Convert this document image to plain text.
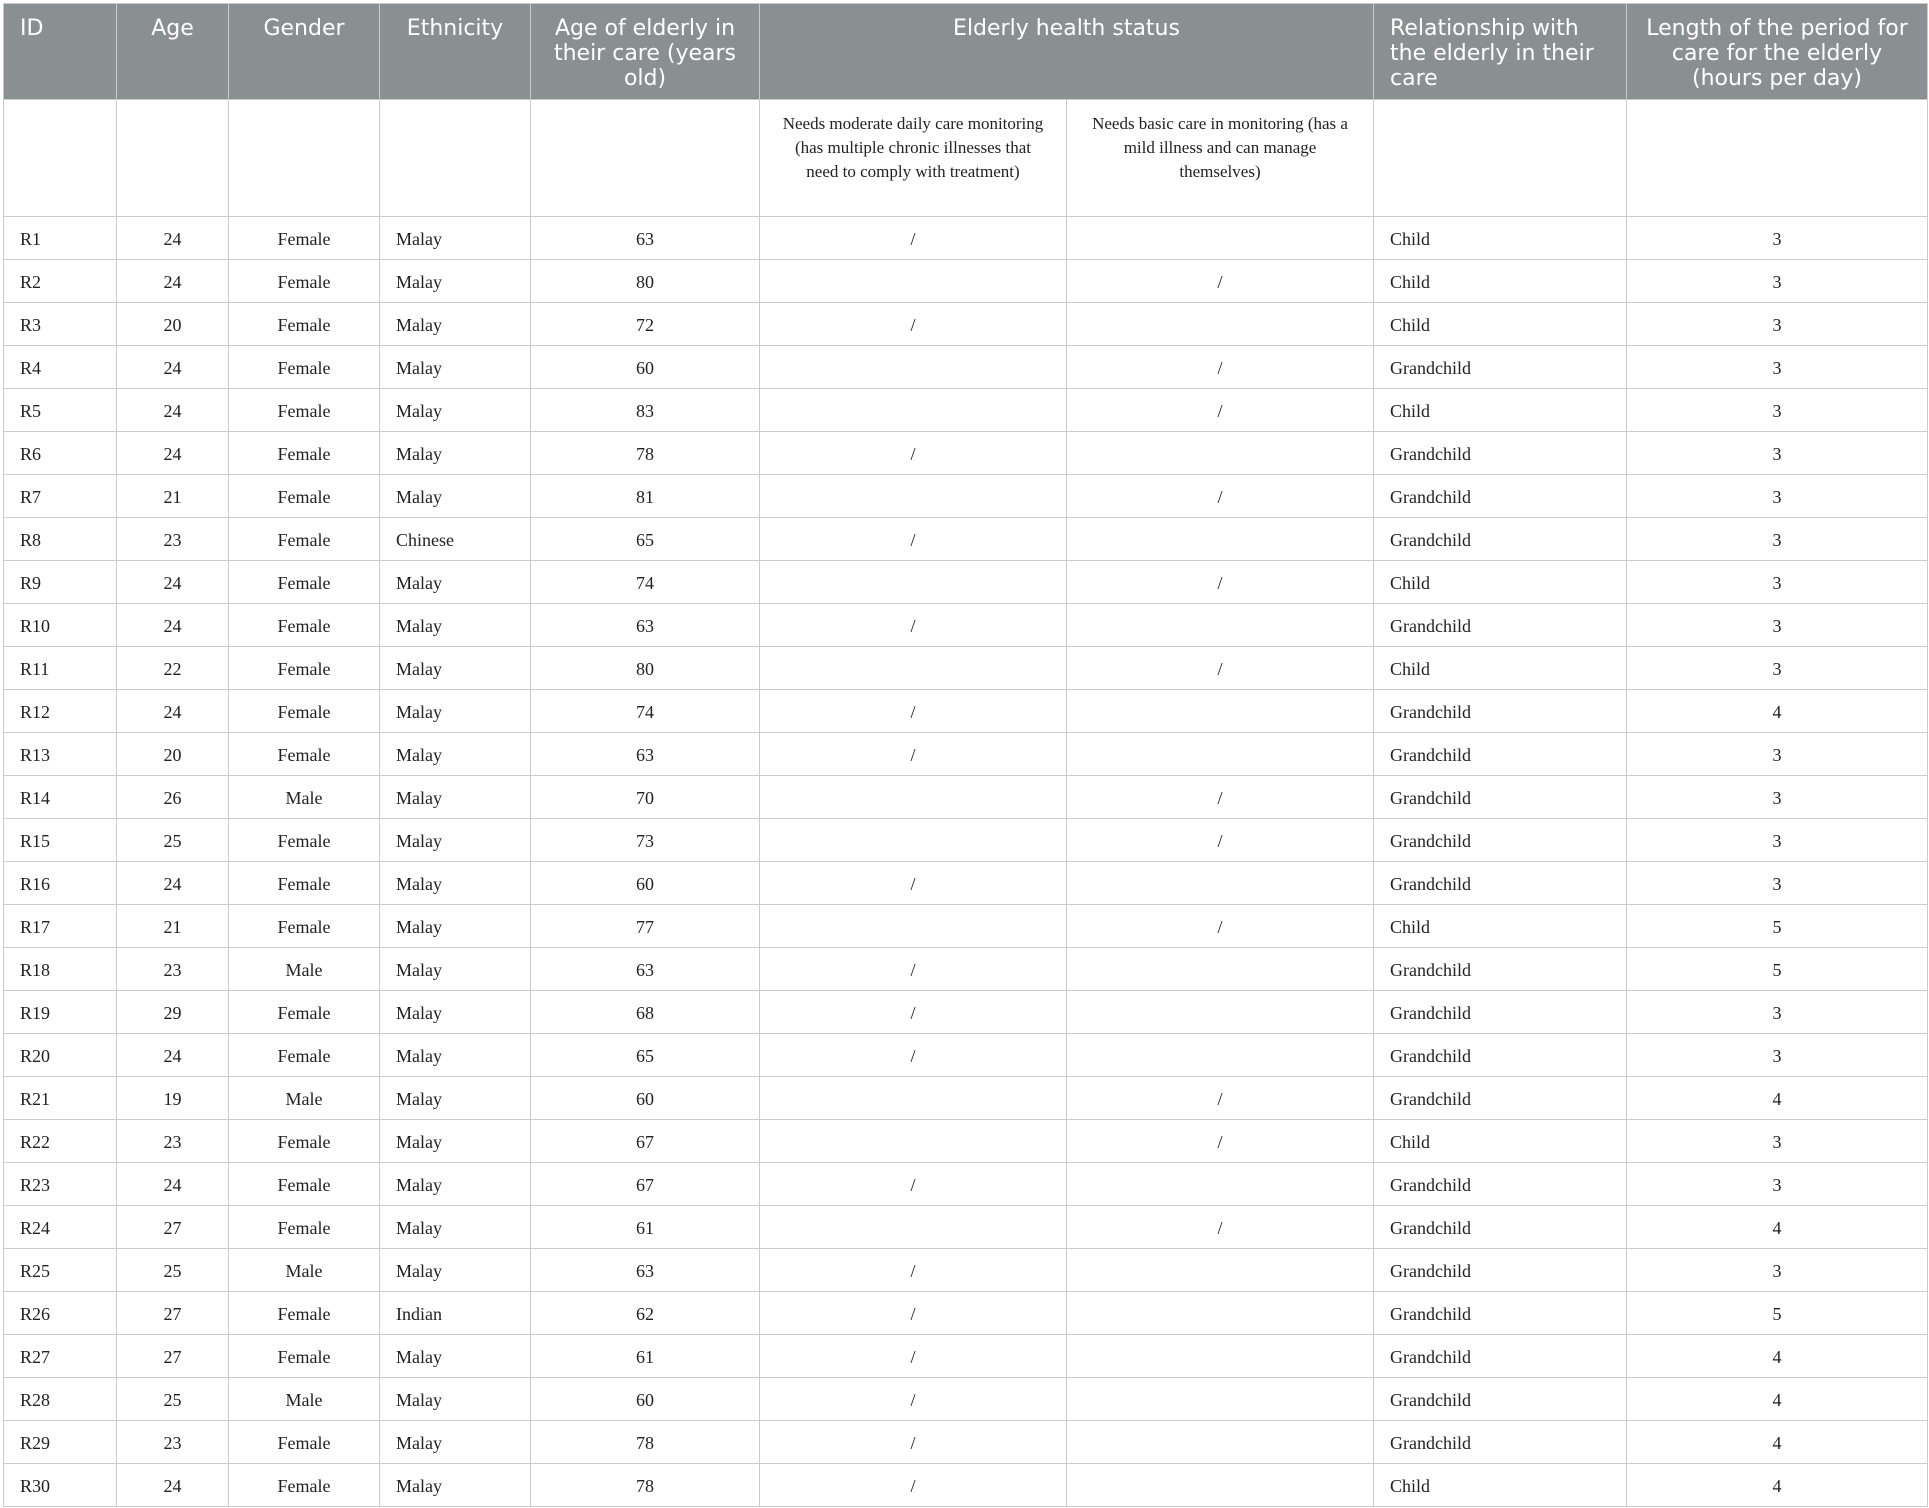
ID	Age	Gender	Ethnicity	Age of elderly in their care (years old)	Elderly health status		Relationship with the elderly in their care	Length of the period for care for the elderly (hours per day)
					Needs moderate daily care monitoring (has multiple chronic illnesses that need to comply with treatment)	Needs basic care in monitoring (has a mild illness and can manage themselves)		
R1	24	Female	Malay	63	/		Child	3
R2	24	Female	Malay	80		/	Child	3
R3	20	Female	Malay	72	/		Child	3
R4	24	Female	Malay	60		/	Grandchild	3
R5	24	Female	Malay	83		/	Child	3
R6	24	Female	Malay	78	/		Grandchild	3
R7	21	Female	Malay	81		/	Grandchild	3
R8	23	Female	Chinese	65	/		Grandchild	3
R9	24	Female	Malay	74		/	Child	3
R10	24	Female	Malay	63	/		Grandchild	3
R11	22	Female	Malay	80		/	Child	3
R12	24	Female	Malay	74	/		Grandchild	4
R13	20	Female	Malay	63	/		Grandchild	3
R14	26	Male	Malay	70		/	Grandchild	3
R15	25	Female	Malay	73		/	Grandchild	3
R16	24	Female	Malay	60	/		Grandchild	3
R17	21	Female	Malay	77		/	Child	5
R18	23	Male	Malay	63	/		Grandchild	5
R19	29	Female	Malay	68	/		Grandchild	3
R20	24	Female	Malay	65	/		Grandchild	3
R21	19	Male	Malay	60		/	Grandchild	4
R22	23	Female	Malay	67		/	Child	3
R23	24	Female	Malay	67	/		Grandchild	3
R24	27	Female	Malay	61		/	Grandchild	4
R25	25	Male	Malay	63	/		Grandchild	3
R26	27	Female	Indian	62	/		Grandchild	5
R27	27	Female	Malay	61	/		Grandchild	4
R28	25	Male	Malay	60	/		Grandchild	4
R29	23	Female	Malay	78	/		Grandchild	4
R30	24	Female	Malay	78	/		Child	4
